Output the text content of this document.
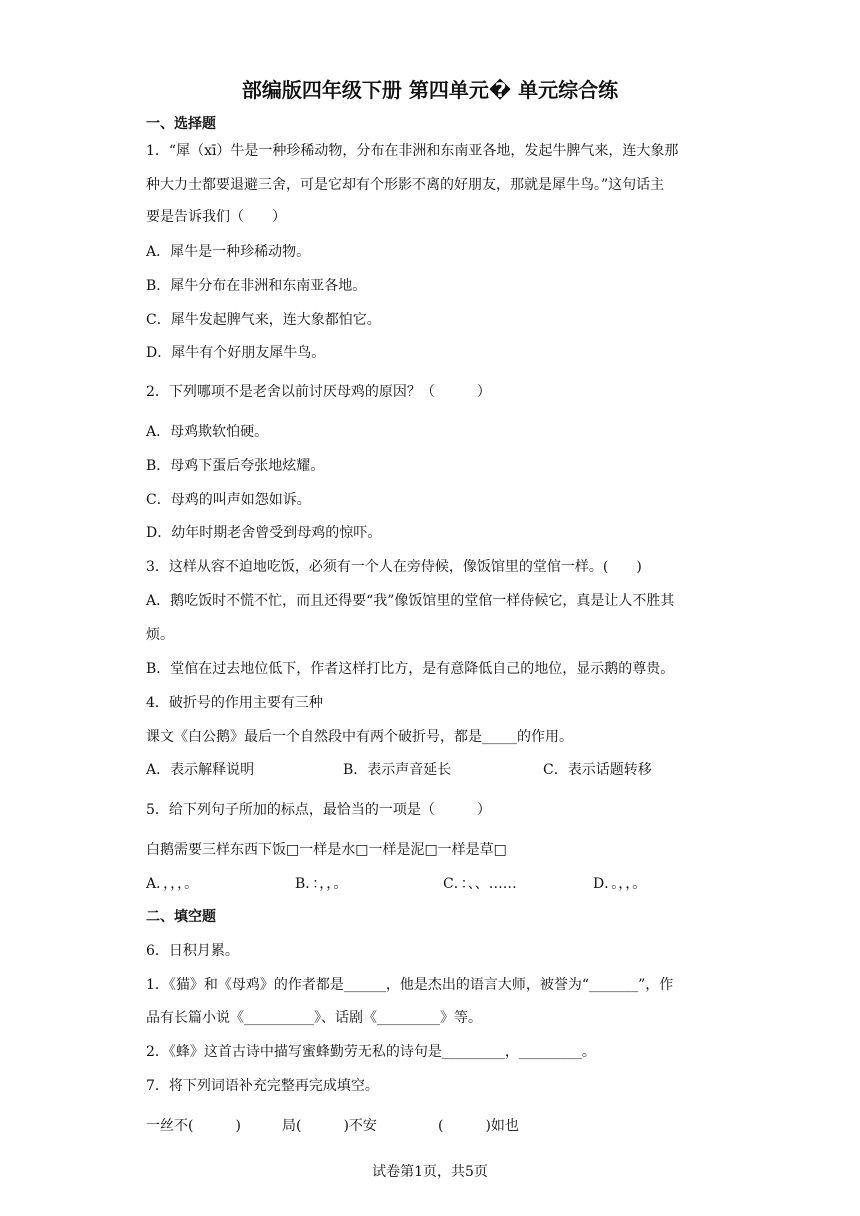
部编版四年级下册 第四单元� 单元综合练
一、选择题
1．“犀（xī）牛是一种珍稀动物，分布在非洲和东南亚各地，发起牛脾气来，连大象那
种大力士都要退避三舍，可是它却有个形影不离的好朋友，那就是犀牛鸟。”这句话主
要是告诉我们（　　）
A．犀牛是一种珍稀动物。
B．犀牛分布在非洲和东南亚各地。
C．犀牛发起脾气来，连大象都怕它。
D．犀牛有个好朋友犀牛鸟。
2．下列哪项不是老舍以前讨厌母鸡的原因？（　　　）
A．母鸡欺软怕硬。
B．母鸡下蛋后夸张地炫耀。
C．母鸡的叫声如怨如诉。
D．幼年时期老舍曾受到母鸡的惊吓。
3．这样从容不迫地吃饭，必须有一个人在旁侍候，像饭馆里的堂倌一样。(　　)
A．鹅吃饭时不慌不忙，而且还得要“我”像饭馆里的堂倌一样侍候它，真是让人不胜其
烦。
B．堂倌在过去地位低下，作者这样打比方，是有意降低自己的地位，显示鹅的尊贵。
4．破折号的作用主要有三种
课文《白公鹅》最后一个自然段中有两个破折号，都是_____的作用。
A．表示解释说明	B．表示声音延长	C．表示话题转移
5．给下列句子所加的标点，最恰当的一项是（　　　）
白鹅需要三样东西下饭□一样是水□一样是泥□一样是草□
A．，，，。	B．：，，。	C．：、、……	D．。，，。
二、填空题
6．日积月累。
1．《猫》和《母鸡》的作者都是______，他是杰出的语言大师，被誉为“_______”，作
品有长篇小说《__________》、话剧《_________》等。
2．《蜂》这首古诗中描写蜜蜂勤劳无私的诗句是_________，_________。
7．将下列词语补充完整再完成填空。
一丝不(　　　)	局(　　　)不安	(　　　)如也
试卷第1页，共5页
